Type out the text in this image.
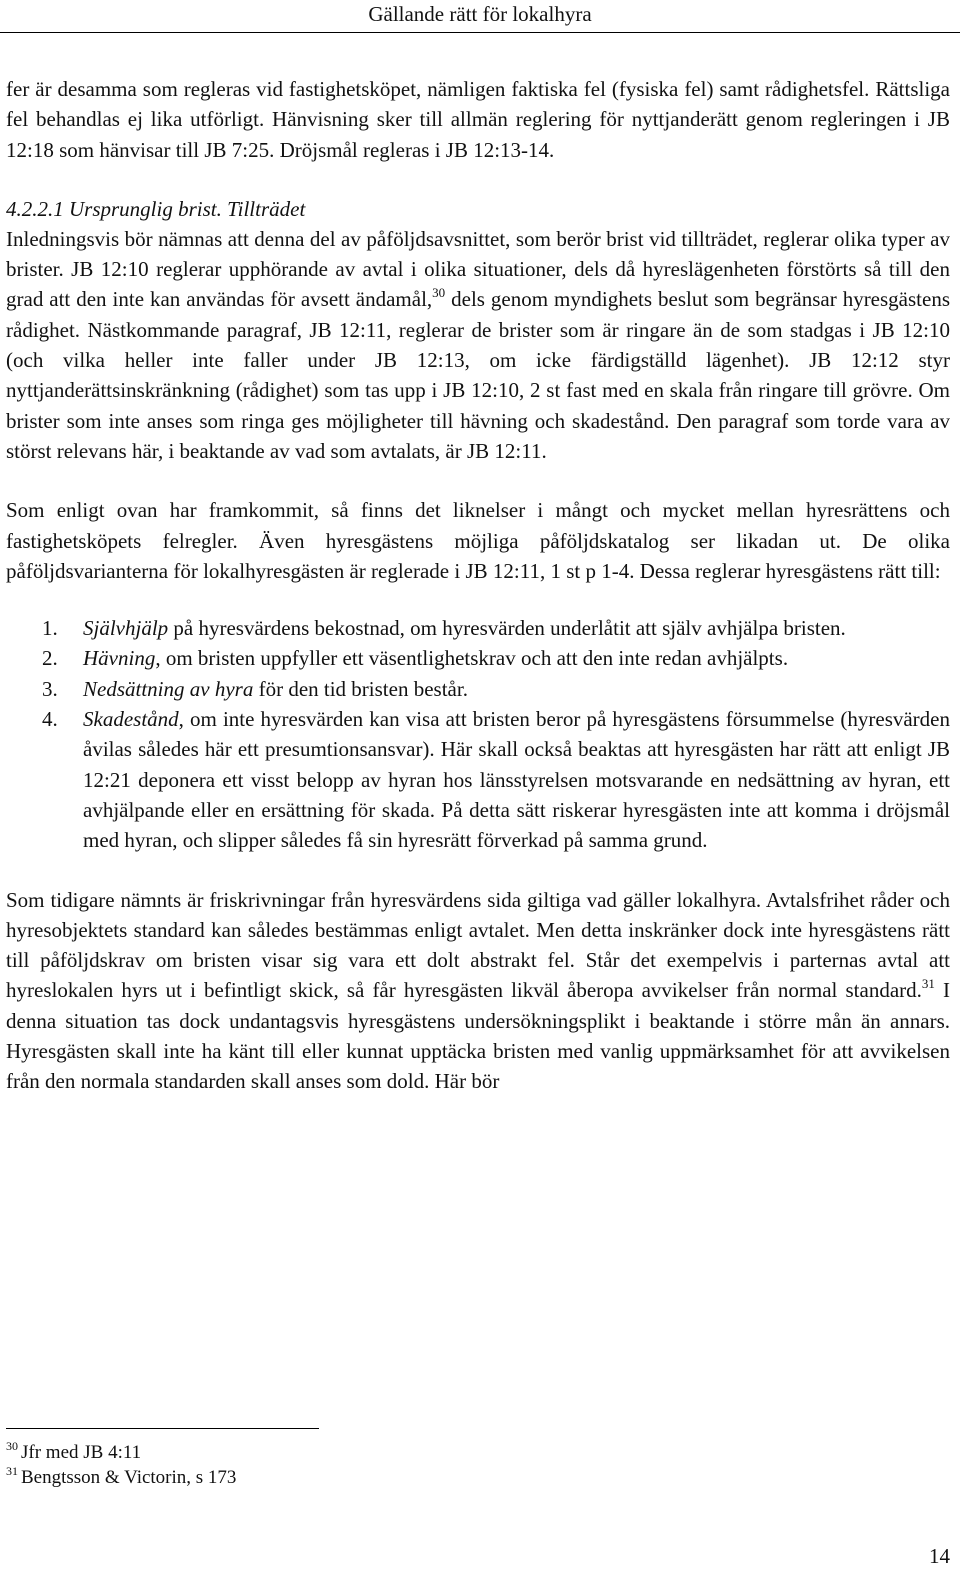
Gällande rätt för lokalhyra

fer är desamma som regleras vid fastighetsköpet, nämligen faktiska fel (fysiska fel) samt rådighetsfel. Rättsliga fel behandlas ej lika utförligt. Hänvisning sker till allmän reglering för nyttjanderätt genom regleringen i JB 12:18 som hänvisar till JB 7:25. Dröjsmål regleras i JB 12:13-14.

4.2.2.1 Ursprunglig brist. Tillträdet

Inledningsvis bör nämnas att denna del av påföljdsavsnittet, som berör brist vid tillträdet, reglerar olika typer av brister. JB 12:10 reglerar upphörande av avtal i olika situationer, dels då hyreslägenheten förstörts så till den grad att den inte kan användas för avsett ändamål,$^{30}$ dels genom myndighets beslut som begränsar hyresgästens rådighet. Nästkommande paragraf, JB 12:11, reglerar de brister som är ringare än de som stadgas i JB 12:10 (och vilka heller inte faller under JB 12:13, om icke färdigställd lägenhet). JB 12:12 styr nyttjanderättsinskränkning (rådighet) som tas upp i JB 12:10, 2 st fast med en skala från ringare till grövre. Om brister som inte anses som ringa ges möjligheter till hävning och skadestånd. Den paragraf som torde vara av störst relevans här, i beaktande av vad som avtalats, är JB 12:11.

Som enligt ovan har framkommit, så finns det liknelser i mångt och mycket mellan hyresrättens och fastighetsköpets felregler. Även hyresgästens möjliga påföljdskatalog ser likadan ut. De olika påföljdsvarianterna för lokalhyresgästen är reglerade i JB 12:11, 1 st p 1-4. Dessa reglerar hyresgästens rätt till:

1. Självhjälp på hyresvärdens bekostnad, om hyresvärden underlåtit att själv avhjälpa bristen.
2. Hävning, om bristen uppfyller ett väsentlighetskrav och att den inte redan avhjälpts.
3. Nedsättning av hyra för den tid bristen består.
4. Skadestånd, om inte hyresvärden kan visa att bristen beror på hyresgästens försummelse (hyresvärden åvilas således här ett presumtionsansvar). Här skall också beaktas att hyresgästen har rätt att enligt JB 12:21 deponera ett visst belopp av hyran hos länsstyrelsen motsvarande en nedsättning av hyran, ett avhjälpande eller en ersättning för skada. På detta sätt riskerar hyresgästen inte att komma i dröjsmål med hyran, och slipper således få sin hyresrätt förverkad på samma grund.

Som tidigare nämnts är friskrivningar från hyresvärdens sida giltiga vad gäller lokalhyra. Avtalsfrihet råder och hyresobjektets standard kan således bestämmas enligt avtalet. Men detta inskränker dock inte hyresgästens rätt till påföljdskrav om bristen visar sig vara ett dolt abstrakt fel. Står det exempelvis i parternas avtal att hyreslokalen hyrs ut i befintligt skick, så får hyresgästen likväl åberopa avvikelser från normal standard.$^{31}$ I denna situation tas dock undantagsvis hyresgästens undersökningsplikt i beaktande i större mån än annars. Hyresgästen skall inte ha känt till eller kunnat upptäcka bristen med vanlig uppmärksamhet för att avvikelsen från den normala standarden skall anses som dold. Här bör

$^{30}$ Jfr med JB 4:11
$^{31}$ Bengtsson & Victorin, s 173
14
